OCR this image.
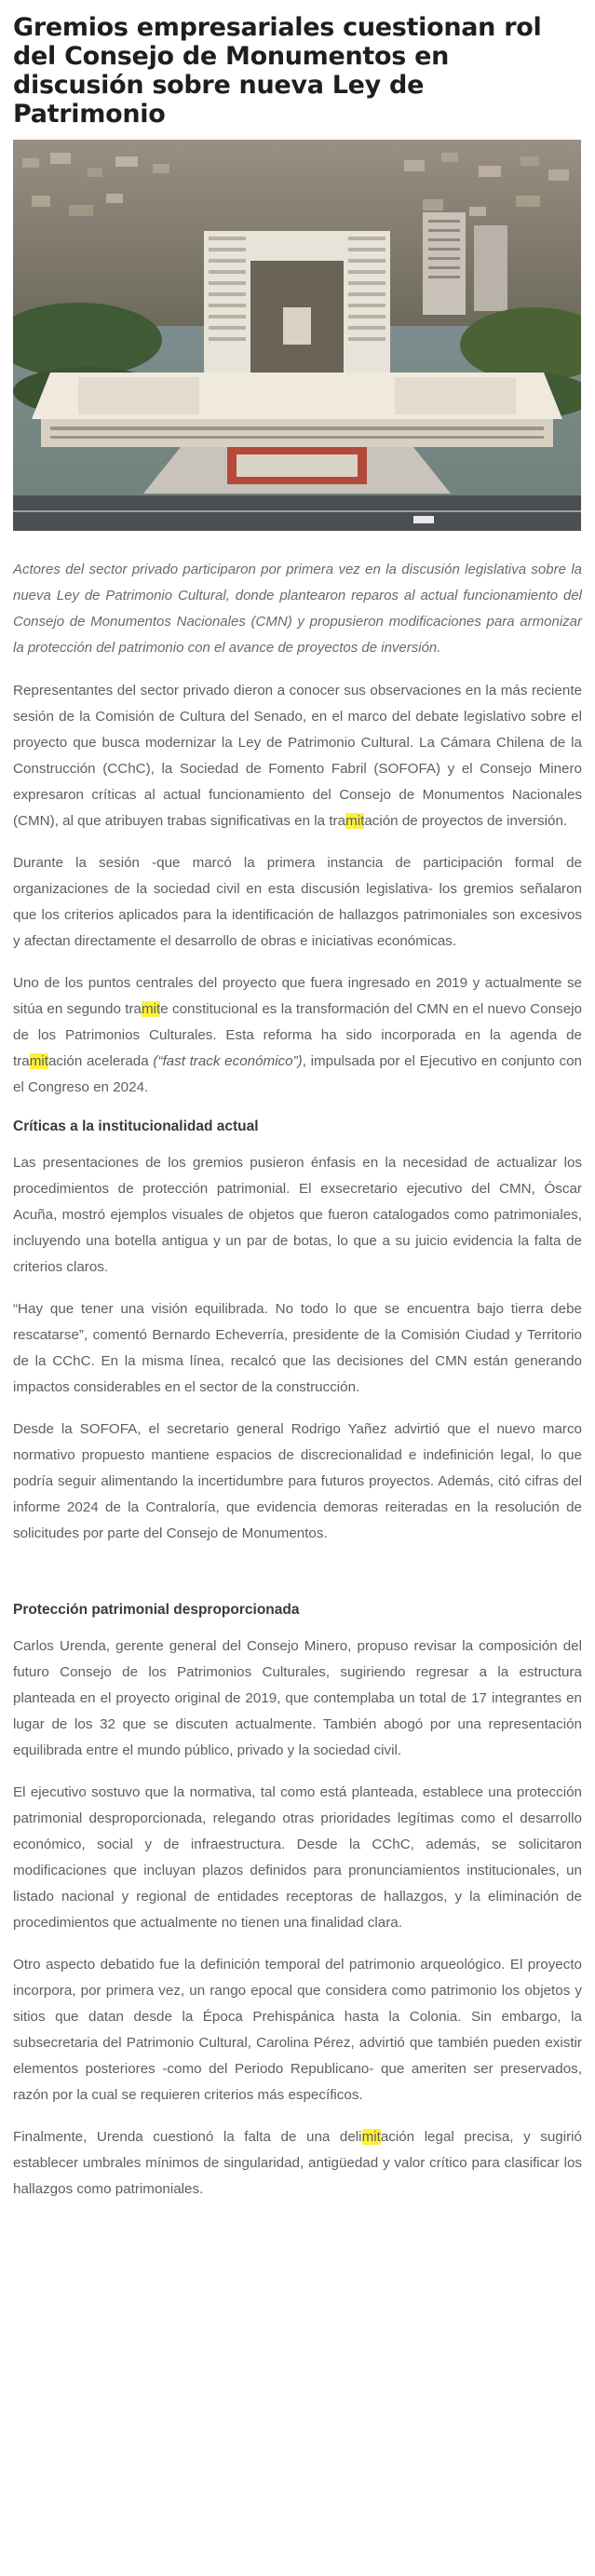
Gremios empresariales cuestionan rol del Consejo de Monumentos en discusión sobre nueva Ley de Patrimonio

Actores del sector privado participaron por primera vez en la discusión legislativa sobre la nueva Ley de Patrimonio Cultural, donde plantearon reparos al actual funcionamiento del Consejo de Monumentos Nacionales (CMN) y propusieron modificaciones para armonizar la protección del patrimonio con el avance de proyectos de inversión.

Representantes del sector privado dieron a conocer sus observaciones en la más reciente sesión de la Comisión de Cultura del Senado, en el marco del debate legislativo sobre el proyecto que busca modernizar la Ley de Patrimonio Cultural. La Cámara Chilena de la Construcción (CChC), la Sociedad de Fomento Fabril (SOFOFA) y el Consejo Minero expresaron críticas al actual funcionamiento del Consejo de Monumentos Nacionales (CMN), al que atribuyen trabas significativas en la tramitación de proyectos de inversión.

Durante la sesión -que marcó la primera instancia de participación formal de organizaciones de la sociedad civil en esta discusión legislativa- los gremios señalaron que los criterios aplicados para la identificación de hallazgos patrimoniales son excesivos y afectan directamente el desarrollo de obras e iniciativas económicas.

Uno de los puntos centrales del proyecto que fuera ingresado en 2019 y actualmente se sitúa en segundo tramite constitucional es la transformación del CMN en el nuevo Consejo de los Patrimonios Culturales. Esta reforma ha sido incorporada en la agenda de tramitación acelerada (“fast track económico”), impulsada por el Ejecutivo en conjunto con el Congreso en 2024.

Críticas a la institucionalidad actual

Las presentaciones de los gremios pusieron énfasis en la necesidad de actualizar los procedimientos de protección patrimonial. El exsecretario ejecutivo del CMN, Óscar Acuña, mostró ejemplos visuales de objetos que fueron catalogados como patrimoniales, incluyendo una botella antigua y un par de botas, lo que a su juicio evidencia la falta de criterios claros.

“Hay que tener una visión equilibrada. No todo lo que se encuentra bajo tierra debe rescatarse”, comentó Bernardo Echeverría, presidente de la Comisión Ciudad y Territorio de la CChC. En la misma línea, recalcó que las decisiones del CMN están generando impactos considerables en el sector de la construcción.

Desde la SOFOFA, el secretario general Rodrigo Yañez advirtió que el nuevo marco normativo propuesto mantiene espacios de discrecionalidad e indefinición legal, lo que podría seguir alimentando la incertidumbre para futuros proyectos. Además, citó cifras del informe 2024 de la Contraloría, que evidencia demoras reiteradas en la resolución de solicitudes por parte del Consejo de Monumentos.

Protección patrimonial desproporcionada

Carlos Urenda, gerente general del Consejo Minero, propuso revisar la composición del futuro Consejo de los Patrimonios Culturales, sugiriendo regresar a la estructura planteada en el proyecto original de 2019, que contemplaba un total de 17 integrantes en lugar de los 32 que se discuten actualmente. También abogó por una representación equilibrada entre el mundo público, privado y la sociedad civil.

El ejecutivo sostuvo que la normativa, tal como está planteada, establece una protección patrimonial desproporcionada, relegando otras prioridades legítimas como el desarrollo económico, social y de infraestructura. Desde la CChC, además, se solicitaron modificaciones que incluyan plazos definidos para pronunciamientos institucionales, un listado nacional y regional de entidades receptoras de hallazgos, y la eliminación de procedimientos que actualmente no tienen una finalidad clara.

Otro aspecto debatido fue la definición temporal del patrimonio arqueológico. El proyecto incorpora, por primera vez, un rango epocal que considera como patrimonio los objetos y sitios que datan desde la Época Prehispánica hasta la Colonia. Sin embargo, la subsecretaria del Patrimonio Cultural, Carolina Pérez, advirtió que también pueden existir elementos posteriores -como del Periodo Republicano- que ameriten ser preservados, razón por la cual se requieren criterios más específicos.

Finalmente, Urenda cuestionó la falta de una delimitación legal precisa, y sugirió establecer umbrales mínimos de singularidad, antigüedad y valor crítico para clasificar los hallazgos como patrimoniales.
